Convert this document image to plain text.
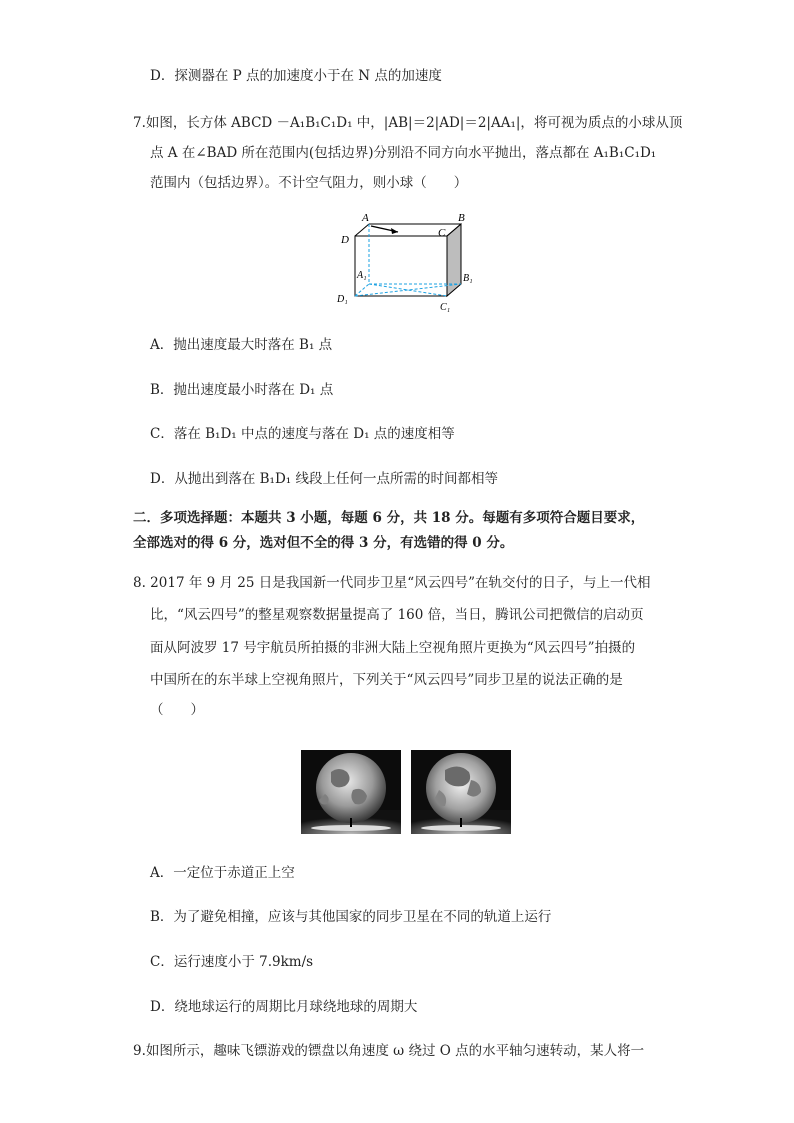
D．探测器在 P 点的加速度小于在 N 点的加速度
7.如图，长方体 ABCD －A₁B₁C₁D₁ 中，|AB|＝2|AD|＝2|AA₁|，将可视为质点的小球从顶
点 A 在∠BAD 所在范围内(包括边界)分别沿不同方向水平抛出，落点都在 A₁B₁C₁D₁
范围内（包括边界）。不计空气阻力，则小球（　　）
A	B
C
D
A₁	B₁
C₁
D₁
A．抛出速度最大时落在 B₁ 点
B．抛出速度最小时落在 D₁ 点
C．落在 B₁D₁ 中点的速度与落在 D₁ 点的速度相等
D．从抛出到落在 B₁D₁ 线段上任何一点所需的时间都相等
二．多项选择题：本题共 3 小题，每题 6 分，共 18 分。每题有多项符合题目要求，
全部选对的得 6 分，选对但不全的得 3 分，有选错的得 0 分。
8. 2017 年 9 月 25 日是我国新一代同步卫星“风云四号”在轨交付的日子，与上一代相
比，“风云四号”的整星观察数据量提高了 160 倍，当日，腾讯公司把微信的启动页
面从阿波罗 17 号宇航员所拍摄的非洲大陆上空视角照片更换为“风云四号”拍摄的
中国所在的东半球上空视角照片，下列关于“风云四号”同步卫星的说法正确的是
（　　）
A．一定位于赤道正上空
B．为了避免相撞，应该与其他国家的同步卫星在不同的轨道上运行
C．运行速度小于 7.9km/s
D．绕地球运行的周期比月球绕地球的周期大
9.如图所示，趣味飞镖游戏的镖盘以角速度 ω 绕过 O 点的水平轴匀速转动，某人将一
